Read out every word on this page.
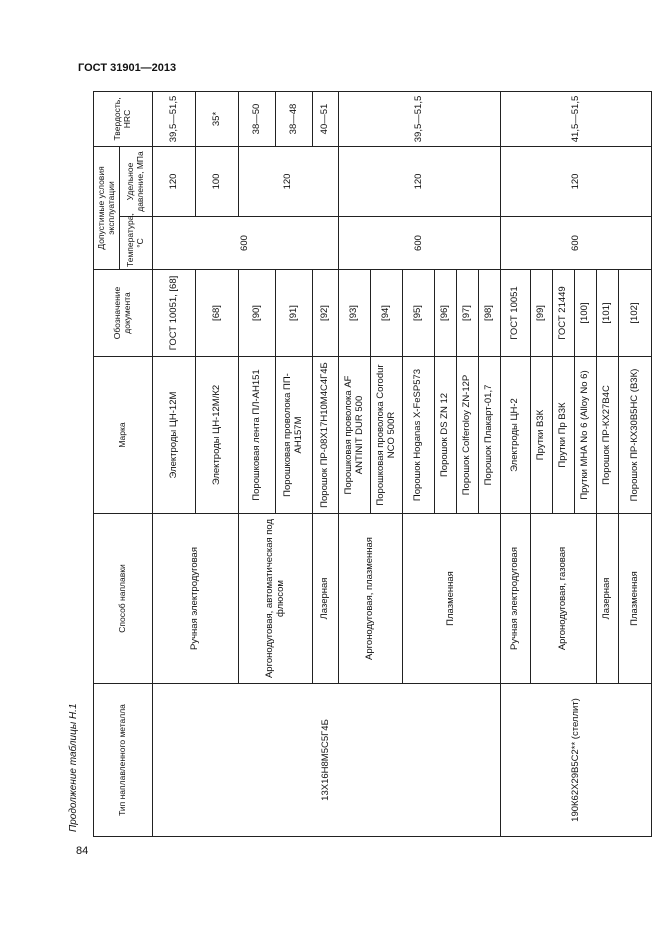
ГОСТ 31901—2013
Продолжение таблицы Н.1
84
Тип наплавленного металла	Способ наплавки	Марка	Обозначение документа	Допустимые условия эксплуатации		Твердость, HRC
				Температура, °С	Удельное давление, МПа	
13Х16Н8М5С5Г4Б	Ручная электродуговая	Электроды ЦН-12М	ГОСТ 10051, [68]	600	120	39,5—51,5
		Электроды ЦН-12М/К2	[68]		100	35*
	Аргонодуговая, автоматическая под флюсом	Порошковая лента ПЛ-АН151	[90]		120	38—50
		Порошковая проволока ПП-АН157М	[91]			38—48
	Лазерная	Порошок ПР-08Х17Н10М4С4Г4Б	[92]			40—51
	Аргонодуговая, плазменная	Порошковая проволока AF ANTINIT DUR 500	[93]	600	120	39,5—51,5
		Порошковая проволока Corodur NCO 500R	[94]			
	Плазменная	Порошок Hoganas X-FeSP573	[95]			
		Порошок DS ZN 12	[96]			
		Порошок Colferoloy ZN-12P	[97]			
		Порошок Плакарт-01,7	[98]			
190К62Х29В5С2** (стеллит)	Ручная электродуговая	Электроды ЦН-2	ГОСТ 10051	600	120	41,5—51,5
	Аргонодуговая, газовая	Прутки В3К	[99]			
		Прутки Пр В3К	ГОСТ 21449			
		Прутки МНА No 6 (Alloy No 6)	[100]			
	Лазерная	Порошок ПР-КХ27В4С	[101]			
	Плазменная	Порошок ПР-КХ30В5НС (В3К)	[102]			
